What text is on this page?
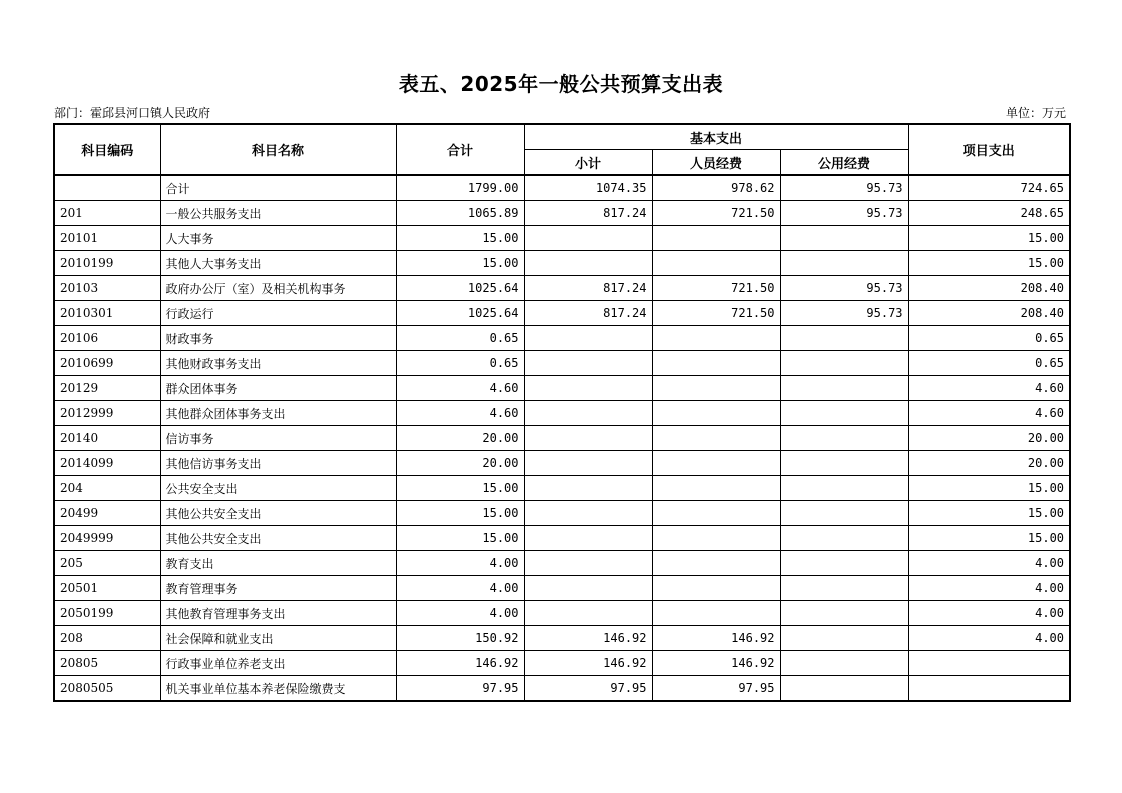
表五、2025年一般公共预算支出表
部门：霍邱县河口镇人民政府	单位：万元
科目编码	科目名称	合计	基本支出			项目支出
			小计	人员经费	公用经费	
	合计	1799.00	1074.35	978.62	95.73	724.65
201	一般公共服务支出	1065.89	817.24	721.50	95.73	248.65
20101	人大事务	15.00				15.00
2010199	其他人大事务支出	15.00				15.00
20103	政府办公厅（室）及相关机构事务	1025.64	817.24	721.50	95.73	208.40
2010301	行政运行	1025.64	817.24	721.50	95.73	208.40
20106	财政事务	0.65				0.65
2010699	其他财政事务支出	0.65				0.65
20129	群众团体事务	4.60				4.60
2012999	其他群众团体事务支出	4.60				4.60
20140	信访事务	20.00				20.00
2014099	其他信访事务支出	20.00				20.00
204	公共安全支出	15.00				15.00
20499	其他公共安全支出	15.00				15.00
2049999	其他公共安全支出	15.00				15.00
205	教育支出	4.00				4.00
20501	教育管理事务	4.00				4.00
2050199	其他教育管理事务支出	4.00				4.00
208	社会保障和就业支出	150.92	146.92	146.92		4.00
20805	行政事业单位养老支出	146.92	146.92	146.92		
2080505	机关事业单位基本养老保险缴费支	97.95	97.95	97.95		
